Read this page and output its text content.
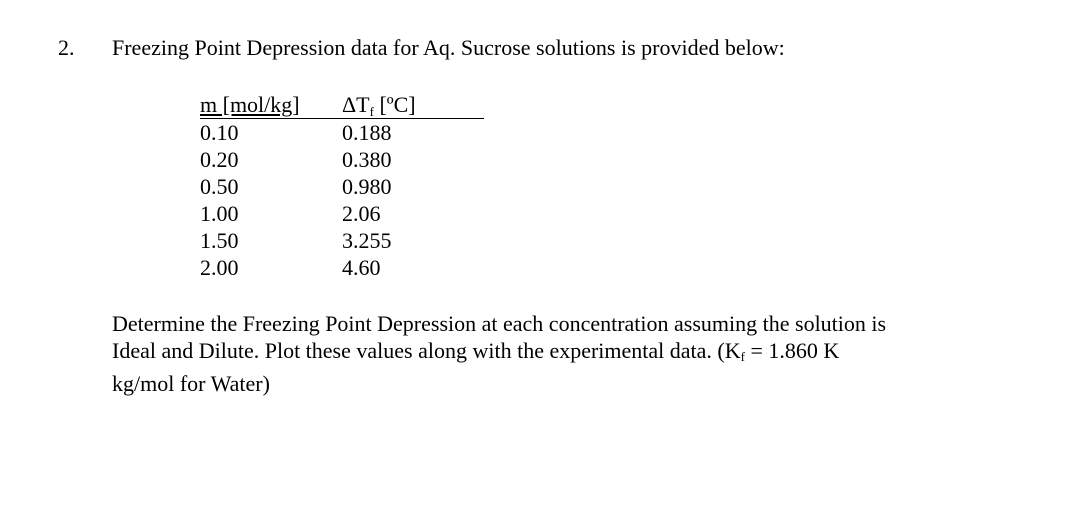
2. Freezing Point Depression data for Aq. Sucrose solutions is provided below:
m [mol/kg] $\Delta T_f$ [ºC]
0.10	0.188
0.20	0.380
0.50	0.980
1.00	2.06
1.50	3.255
2.00	4.60
Determine the Freezing Point Depression at each concentration assuming the solution is
Ideal and Dilute. Plot these values along with the experimental data. ($K_f = 1.860$ K
kg/mol for Water)
